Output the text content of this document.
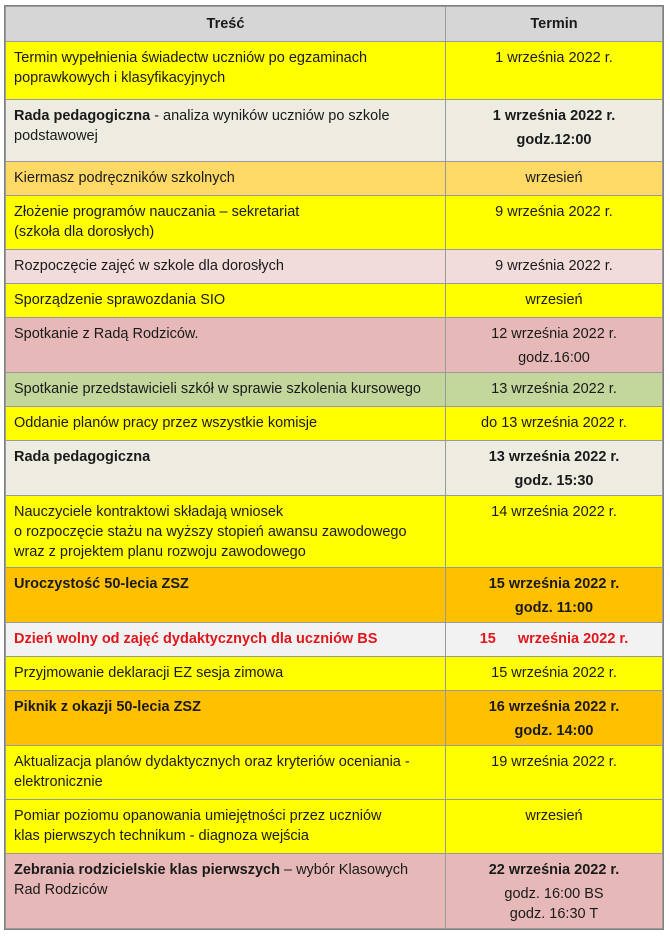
Treść	Termin
Termin wypełnienia świadectw uczniów po egzaminach poprawkowych i klasyfikacyjnych	1 września 2022 r.
Rada pedagogiczna - analiza wyników uczniów po szkole podstawowej	1 września 2022 r.
godz.12:00

Kiermasz podręczników szkolnych	wrzesień
Złożenie programów nauczania – sekretariat
(szkoła dla dorosłych)	9 września 2022 r.
Rozpoczęcie zajęć w szkole dla dorosłych	9 września 2022 r.
Sporządzenie sprawozdania SIO	wrzesień
Spotkanie z Radą Rodziców.	12 września 2022 r.
godz.16:00

Spotkanie przedstawicieli szkół w sprawie szkolenia kursowego	13 września 2022 r.
Oddanie planów pracy przez wszystkie komisje	do 13 września 2022 r.
Rada pedagogiczna	13 września 2022 r.
godz. 15:30

Nauczyciele kontraktowi składają wniosek
o rozpoczęcie stażu na wyższy stopień awansu zawodowego
wraz z projektem planu rozwoju zawodowego	14 września 2022 r.
Uroczystość 50-lecia ZSZ	15 września 2022 r.
godz. 11:00

Dzień wolny od zajęć dydaktycznych dla uczniów BS	15 września 2022 r.
Przyjmowanie deklaracji EZ sesja zimowa	15 września 2022 r.
Piknik z okazji 50-lecia ZSZ	16 września 2022 r.
godz. 14:00

Aktualizacja planów dydaktycznych oraz kryteriów oceniania - elektronicznie	19 września 2022 r.
Pomiar poziomu opanowania umiejętności przez uczniów
klas pierwszych technikum - diagnoza wejścia	wrzesień
Zebrania rodzicielskie klas pierwszych – wybór Klasowych Rad Rodziców	22 września 2022 r.
godz. 16:00 BS
godz. 16:30 T
